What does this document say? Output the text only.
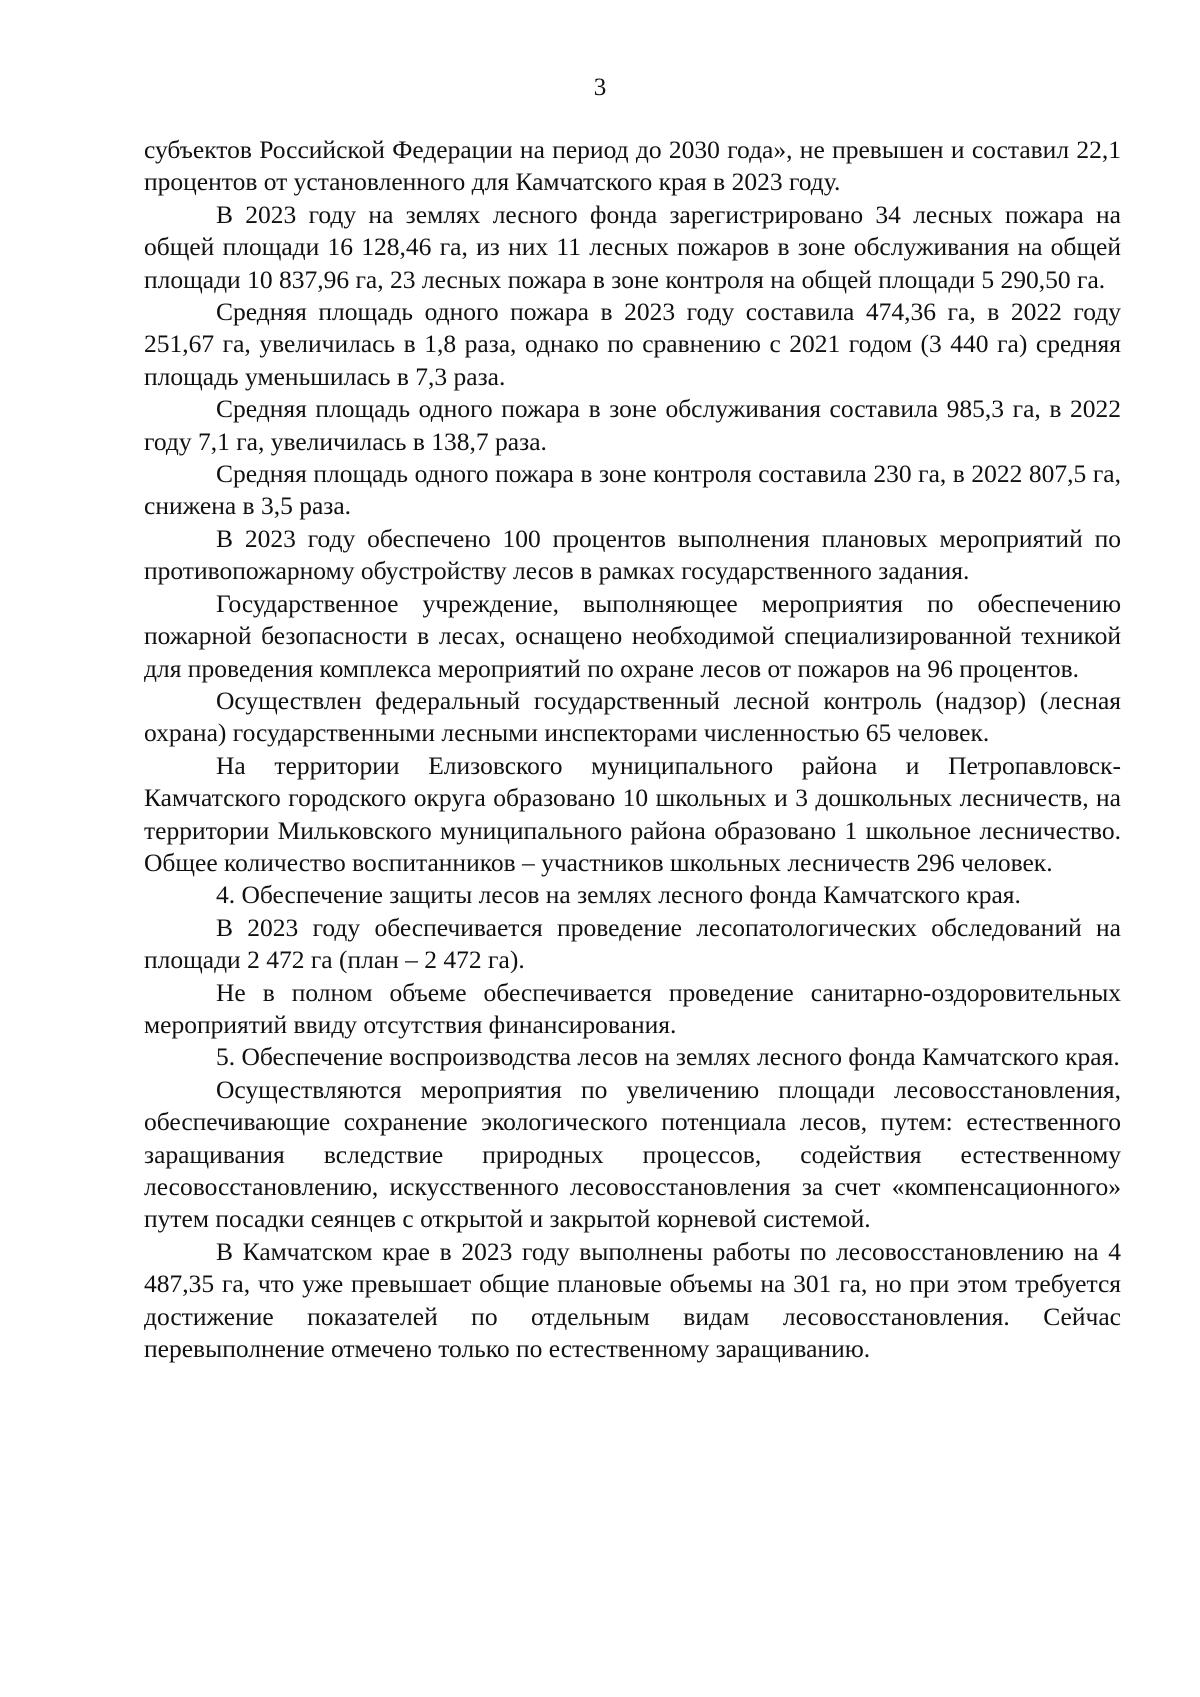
3

субъектов Российской Федерации на период до 2030 года», не превышен и составил 22,1 процентов от установленного для Камчатского края в 2023 году.

В 2023 году на землях лесного фонда зарегистрировано 34 лесных пожара на общей площади 16 128,46 га, из них 11 лесных пожаров в зоне обслуживания на общей площади 10 837,96 га, 23 лесных пожара в зоне контроля на общей площади 5 290,50 га.

Средняя площадь одного пожара в 2023 году составила 474,36 га, в 2022 году 251,67 га, увеличилась в 1,8 раза, однако по сравнению с 2021 годом (3 440 га) средняя площадь уменьшилась в 7,3 раза.

Средняя площадь одного пожара в зоне обслуживания составила 985,3 га, в 2022 году 7,1 га, увеличилась в 138,7 раза.

Средняя площадь одного пожара в зоне контроля составила 230 га, в 2022 807,5 га, снижена в 3,5 раза.

В 2023 году обеспечено 100 процентов выполнения плановых мероприятий по противопожарному обустройству лесов в рамках государственного задания.

Государственное учреждение, выполняющее мероприятия по обеспечению пожарной безопасности в лесах, оснащено необходимой специализированной техникой для проведения комплекса мероприятий по охране лесов от пожаров на 96 процентов.

Осуществлен федеральный государственный лесной контроль (надзор) (лесная охрана) государственными лесными инспекторами численностью 65 человек.

На территории Елизовского муниципального района и Петропавловск-Камчатского городского округа образовано 10 школьных и 3 дошкольных лесничеств, на территории Мильковского муниципального района образовано 1 школьное лесничество. Общее количество воспитанников – участников школьных лесничеств 296 человек.

4. Обеспечение защиты лесов на землях лесного фонда Камчатского края.

В 2023 году обеспечивается проведение лесопатологических обследований на площади 2 472 га (план – 2 472 га).

Не в полном объеме обеспечивается проведение санитарно-оздоровительных мероприятий ввиду отсутствия финансирования.

5. Обеспечение воспроизводства лесов на землях лесного фонда Камчатского края.

Осуществляются мероприятия по увеличению площади лесовосстановления, обеспечивающие сохранение экологического потенциала лесов, путем: естественного заращивания вследствие природных процессов, содействия естественному лесовосстановлению, искусственного лесовосстановления за счет «компенсационного» путем посадки сеянцев с открытой и закрытой корневой системой.

В Камчатском крае в 2023 году выполнены работы по лесовосстановлению на 4 487,35 га, что уже превышает общие плановые объемы на 301 га, но при этом требуется достижение показателей по отдельным видам лесовосстановления. Сейчас перевыполнение отмечено только по естественному заращиванию.
